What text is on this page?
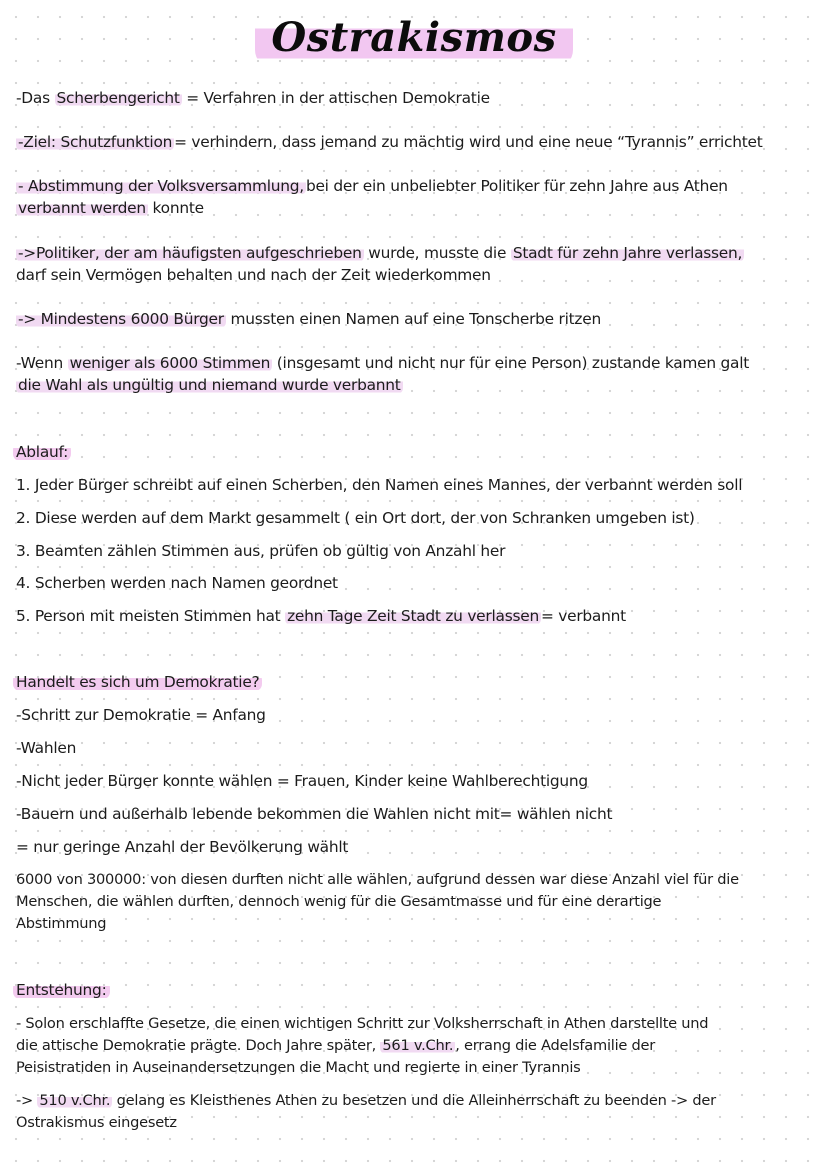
Ostrakismos
-Das Scherbengericht = Verfahren in der attischen Demokratie
-Ziel: Schutzfunktion = verhindern, dass jemand zu mächtig wird und eine neue “Tyrannis” errichtet
- Abstimmung der Volksversammlung, bei der ein unbeliebter Politiker für zehn Jahre aus Athen
verbannt werden konnte
->Politiker, der am häufigsten aufgeschrieben wurde, musste die Stadt für zehn Jahre verlassen,
darf sein Vermögen behalten und nach der Zeit wiederkommen
-> Mindestens 6000 Bürger mussten einen Namen auf eine Tonscherbe ritzen
-Wenn weniger als 6000 Stimmen (insgesamt und nicht nur für eine Person) zustande kamen galt
die Wahl als ungültig und niemand wurde verbannt
Ablauf:
1. Jeder Bürger schreibt auf einen Scherben, den Namen eines Mannes, der verbannt werden soll
2. Diese werden auf dem Markt gesammelt ( ein Ort dort, der von Schranken umgeben ist)
3. Beamten zählen Stimmen aus, prüfen ob gültig von Anzahl her
4. Scherben werden nach Namen geordnet
5. Person mit meisten Stimmen hat zehn Tage Zeit Stadt zu verlassen = verbannt
Handelt es sich um Demokratie?
-Schritt zur Demokratie = Anfang
-Wahlen
-Nicht jeder Bürger konnte wählen = Frauen, Kinder keine Wahlberechtigung
-Bauern und außerhalb lebende bekommen die Wahlen nicht mit= wählen nicht
= nur geringe Anzahl der Bevölkerung wählt
6000 von 300000: von diesen durften nicht alle wählen, aufgrund dessen war diese Anzahl viel für die
Menschen, die wählen durften, dennoch wenig für die Gesamtmasse und für eine derartige
Abstimmung
Entstehung:
- Solon erschlaffte Gesetze, die einen wichtigen Schritt zur Volksherrschaft in Athen darstellte und
die attische Demokratie prägte. Doch Jahre später, 561 v.Chr. , errang die Adelsfamilie der
Peisistratiden in Auseinandersetzungen die Macht und regierte in einer Tyrannis
-> 510 v.Chr. gelang es Kleisthenes Athen zu besetzen und die Alleinherrschaft zu beenden -> der
Ostrakismus eingesetz
